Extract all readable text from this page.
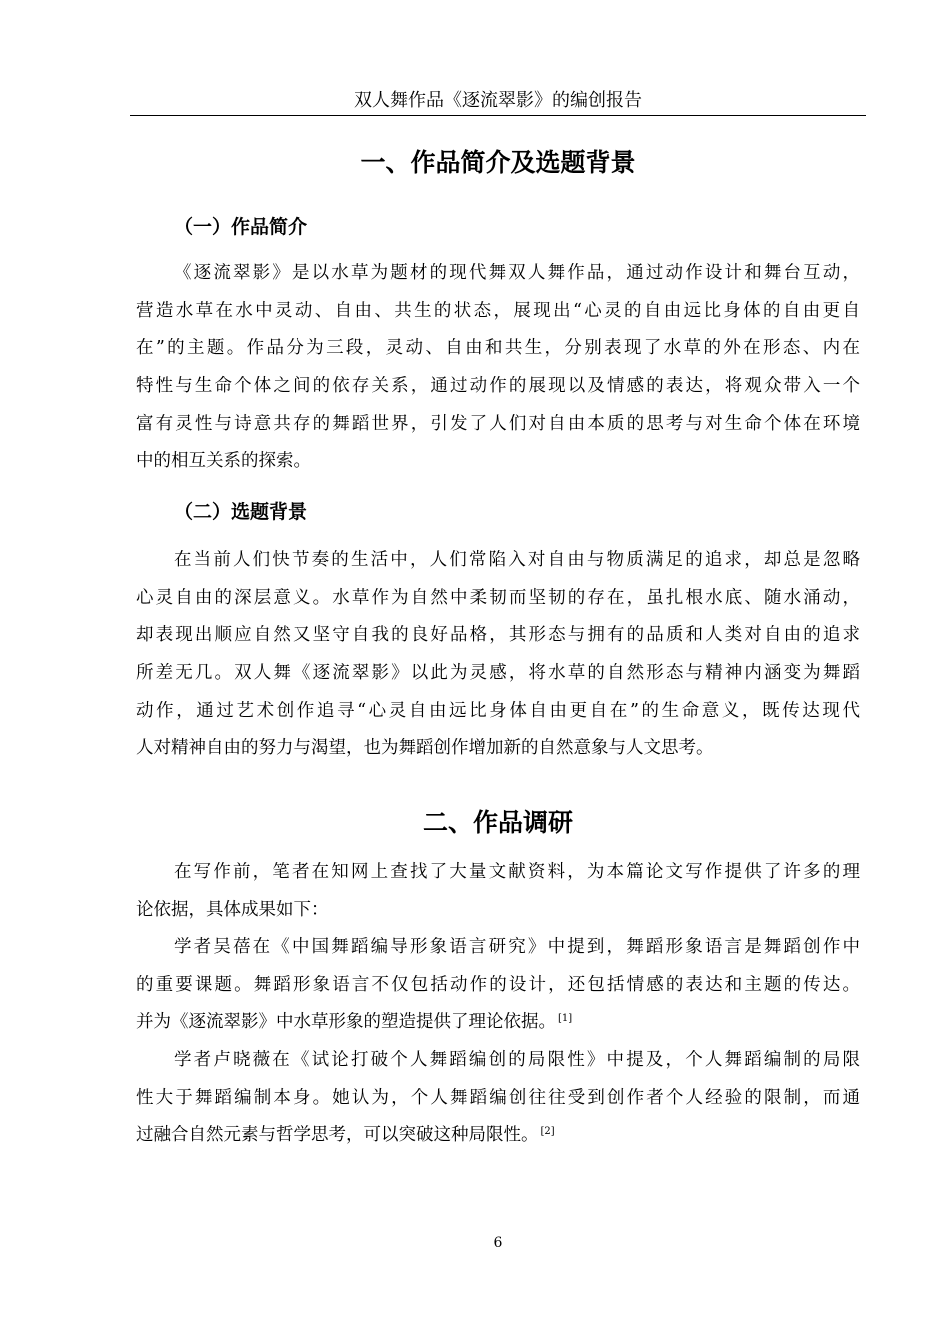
双人舞作品《逐流翠影》的编创报告
一、作品简介及选题背景
（一）作品简介
《逐流翠影》是以水草为题材的现代舞双人舞作品，通过动作设计和舞台互动，
营造水草在水中灵动、自由、共生的状态，展现出“心灵的自由远比身体的自由更自
在”的主题。作品分为三段，灵动、自由和共生，分别表现了水草的外在形态、内在
特性与生命个体之间的依存关系，通过动作的展现以及情感的表达，将观众带入一个
富有灵性与诗意共存的舞蹈世界，引发了人们对自由本质的思考与对生命个体在环境
中的相互关系的探索。
（二）选题背景
在当前人们快节奏的生活中，人们常陷入对自由与物质满足的追求，却总是忽略
心灵自由的深层意义。水草作为自然中柔韧而坚韧的存在，虽扎根水底、随水涌动，
却表现出顺应自然又坚守自我的良好品格，其形态与拥有的品质和人类对自由的追求
所差无几。双人舞《逐流翠影》以此为灵感，将水草的自然形态与精神内涵变为舞蹈
动作，通过艺术创作追寻“心灵自由远比身体自由更自在”的生命意义，既传达现代
人对精神自由的努力与渴望，也为舞蹈创作增加新的自然意象与人文思考。
二、作品调研
在写作前，笔者在知网上查找了大量文献资料，为本篇论文写作提供了许多的理
论依据，具体成果如下：
学者吴蓓在《中国舞蹈编导形象语言研究》中提到，舞蹈形象语言是舞蹈创作中
的重要课题。舞蹈形象语言不仅包括动作的设计，还包括情感的表达和主题的传达。
并为《逐流翠影》中水草形象的塑造提供了理论依据。 [1]
学者卢晓薇在《试论打破个人舞蹈编创的局限性》中提及，个人舞蹈编制的局限
性大于舞蹈编制本身。她认为，个人舞蹈编创往往受到创作者个人经验的限制，而通
过融合自然元素与哲学思考，可以突破这种局限性。 [2]
6
